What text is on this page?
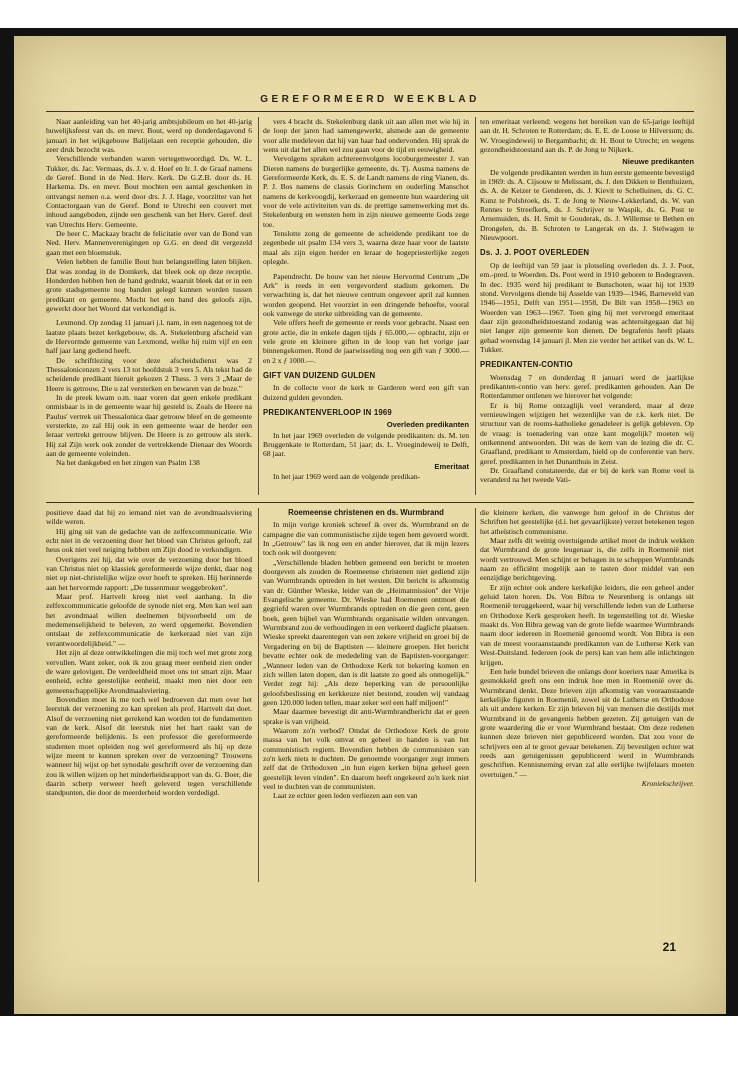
GEREFORMEERD WEEKBLAD

Naar aanleiding van het 40-jarig ambtsjubileum en het 40-jarig huwelijksfeest van ds. en mevr. Bout, werd op donderdagavond 6 januari in het wijkgebouw Balijelaan een receptie gehouden, die zeer druk bezocht was.

Verschillende verbanden waren vertegenwoordigd. Ds. W. L. Tukker, ds. Jac. Vermaas, ds. J. v. d. Hoef en Ir. J. de Graaf namens de Geref. Bond in de Ned. Herv. Kerk. De G.Z.B. door ds. H. Harkema. Ds. en mevr. Bout mochten een aantal geschenken in ontvangst nemen o.a. werd door drs. J. J. Hage, voorzitter van het Contactorgaan van de Geref. Bond te Utrecht een couvert met inhoud aangeboden, zijnde een geschenk van het Herv. Geref. deel van Utrechts Herv. Gemeente.

De heer C. Mackaay bracht de felicitatie over van de Bond van Ned. Herv. Mannenverenigingen op G.G. en deed dit vergezeld gaan met een bloemstuk.

Velen hebben de familie Bout hun belangstelling laten blijken. Dat was zondag in de Domkerk, dat bleek ook op deze receptie. Honderden hebben hen de hand gedrukt, waaruit bleek dat er in een grote stadsgemeente nog banden gelegd kunnen worden tussen predikant en gemeente. Mocht het een band des geloofs zijn, gewerkt door het Woord dat verkondigd is.

Lexmond. Op zondag 11 januari j.l. nam, in een nagenoeg tot de laatste plaats bezet kerkgebouw, ds. A. Stekelenburg afscheid van de Hervormde gemeente van Lexmond, welke hij ruim vijf en een half jaar lang gediend heeft.

De schriftlezing voor deze afscheidsdienst was 2 Thessalonicenzen 2 vers 13 tot hoofdstuk 3 vers 5. Als tekst had de scheidende predikant hieruit gekozen 2 Thess. 3 vers 3 „Maar de Heere is getrouw, Die u zal versterken en bewaren van de boze."

In de preek kwam o.m. naar voren dat geen enkele predikant onmisbaar is in de gemeente waar hij gesteld is. Zoals de Heere na Paulus' vertrek uit Thessalonica daar getrouw bleef en de gemeente versterkte, zo zal Hij ook in een gemeente waar de herder een leraar vertrekt getrouw blijven. De Heere is zo getrouw als sterk. Hij zal Zijn werk ook zonder de vertrekkende Dienaar des Woords aan de gemeente voleinden.

Na het dankgebed en het zingen van Psalm 138

vers 4 bracht ds. Stekelenburg dank uit aan allen met wie hij in de loop der jaren had samengewerkt, alsmede aan de gemeente voor alle medeleven dat hij van haar had ondervonden. Hij sprak de wens uit dat het allen wel zou gaan voor de tijd en eeuwigheid.

Vervolgens spraken achtereenvolgens locoburgemeester J. van Dieren namens de burgerlijke gemeente, ds. Tj. Ausma namens de Gereformeerde Kerk, ds. E. S. de Landt namens de ring Vianen, ds. P. J. Bos namens de classis Gorinchem en ouderling Manschot namens de kerkvoogdij, kerkeraad en gemeente hun waardering uit voor de vele activiteiten van ds. de prettige samenwerking met ds. Stekelenburg en wensten hem in zijn nieuwe gemeente Gods zege toe.

Tenslotte zong de gemeente de scheidende predikant toe de zegenbede uit psalm 134 vers 3, waarna deze haar voor de laatste maal als zijn eigen herder en leraar de hogepriesterlijke zegen oplegde.

Papendrecht. De bouw van het nieuw Hervormd Centrum „De Ark" is reeds in een vergevorderd stadium gekomen. De verwachting is, dat het nieuwe centrum ongeveer april zal kunnen worden geopend. Het voorziet in een dringende behoefte, vooral ook vanwege de sterke uitbreiding van de gemeente.

Vele offers heeft de gemeente er reeds voor gebracht. Naast een grote actie, die in enkele dagen tijds ƒ 65.000,— opbracht, zijn er vele grote en kleinere giften in de loop van het vorige jaar binnengekomen. Rond de jaarwisseling nog een gift van ƒ 3000.— en 2 x ƒ 1000.—.

GIFT VAN DUIZEND GULDEN

In de collecte voor de kerk te Garderen werd een gift van duizend gulden gevonden.

PREDIKANTENVERLOOP IN 1969
Overleden predikanten

In het jaar 1969 overleden de volgende predikanten: ds. M. ten Bruggenkate te Rotterdam, 51 jaar; ds. L. Vroegindeweij te Delft, 68 jaar.

Emeritaat

In het jaar 1969 werd aan de volgende predikan-

ten emeritaat verleend: wegens het bereiken van de 65-jarige leeftijd aan dr. H. Schroten te Rotterdam; ds. E. E. de Loose te Hilversum; ds. W. Vroegindeweij te Bergambacht; dr. H. Bout te Utrecht; en wegens gezondheidstoestand aan ds. P. de Jong te Nijkerk.

Nieuwe predikanten

De volgende predikanten werden in hun eerste gemeente bevestigd in 1969: ds. A. Cijsouw te Melissant, ds. J. den Dikken te Benthuizen, ds. A. de Keizer te Genderen, ds. J. Kievit te Schelluinen, ds. G. C. Kunz te Polsbroek, ds. T. de Jong te Nieuw-Lekkerland, ds. W. van Rennes te Streefkerk, ds. J. Schrijver te Waspik, ds. G. Post te Arnemuiden, ds. H. Smit te Gouderak, ds. J. Willemse te Bethen en Drongelen, ds. B. Schroten te Langerak en ds. J. Stelwagen te Nieuwpoort.

Ds. J. J. POOT OVERLEDEN

Op de leeftijd van 59 jaar is plotseling overleden ds. J. J. Poot, em.-pred. te Woerden. Ds. Poot werd in 1910 geboren te Bodegraven. In dec. 1935 werd hij predikant te Bunschoten, waar hij tot 1939 stond. Vervolgens diende hij Asselde van 1939—1946, Barneveld van 1946—1951, Delft van 1951—1958, De Bilt van 1958—1963 en Woerden van 1963—1967. Toen ging hij met vervroegd emeritaat daar zijn gezondheidstoestand zodanig was achteruitgegaan dat hij niet langer zijn gemeente kon dienen. De begrafenis heeft plaats gehad woensdag 14 januari jl. Men zie verder het artikel van ds. W. L. Tukker.

PREDIKANTEN-CONTIO

Woensdag 7 en donderdag 8 januari werd de jaarlijkse predikanten-contio van herv. geref. predikanten gehouden. Aan De Rotterdammer ontlenen we hierover het volgende:

Er is bij Rome ontzaglijk veel veranderd, maar al deze vernieuwingen wijzigen het wezenlijke van de r.k. kerk niet. De structuur van de rooms-katholieke genadeleer is gelijk gebleven. Op de vraag: is toenadering van onze kant mogelijk? moeten wij ontkennend antwoorden. Dit was de kern van de lezing die dr. C. Graafland, predikant te Amsterdam, hield op de conferentie van herv. geref. predikanten in het Dunanthuis in Zeist.

Dr. Graafland constateerde, dat er bij de kerk van Rome veel is veranderd na het tweede Vati-

positieve daad dat hij zo iemand niet van de avondmaalsviering wilde weren.

Hij ging uit van de gedachte van de zelfexcommunicatie. Wie echt niet in de verzoening door het bloed van Christus gelooft, zal heus ook niet veel neiging hebben om Zijn dood te verkondigen.

Overigens zei hij, dat wie over de verzoening door het bloed van Christus niet op klassiek gereformeerde wijze denkt, daar nog niet op niet-christelijke wijze over hoeft te spreken. Hij herinnerde aan het hervormde rapport: „De tussenmuur weggebroken".

Maar prof. Hartvelt kreeg niet veel aanhang. In die zelfexcommunicatie geloofde de synode niet erg. Men kan wel aan het avondmaal willen deelnemen bijvoorbeeld om de medemenselijkheid te beleven, zo werd opgemerkt. Bovendien ontslaat de zelfexcommunicatie de kerkeraad niet van zijn verantwoordelijkheid." —

Het zijn al deze ontwikkelingen die mij toch wel met grote zorg vervullen. Want zeker, ook ik zou graag meer eenheid zien onder de ware gelovigen. De verdeeldheid moet ons tot smart zijn. Maar eenheid, echte geestelijke eenheid, maakt men niet door een gemeenschappelijke Avondmaalsviering.

Bovendien moet ik me toch wel bedroeven dat men over het leerstuk der verzoening zo kan spreken als prof. Hartvelt dat doet. Alsof de verzoening niet gerekend kan worden tot de fundamenten van de kerk. Alsof dit leerstuk niet het hart raakt van de gereformeerde belijdenis. Is een professor die gereformeerde studenten moet opleiden nog wel gereformeerd als hij op deze wijze meent te kunnen spreken over de verzoening? Trouwens wanneer hij wijst op het synodale geschrift over de verzoening dan zou ik willen wijzen op het minderheidsrapport van ds. G. Boer, die daarin scherp verweer heeft geleverd tegen verschillende standpunten, die door de meerderheid worden verdedigd.

Roemeense christenen en ds. Wurmbrand

In mijn vorige kroniek schreef ik over ds. Wurmbrand en de campagne die van communistische zijde tegen hem gevoerd wordt. In „Getrouw" las ik nog een en ander hierover, dat ik mijn lezers toch ook wil doorgeven:

„Verschillende bladen hebben gemeend een bericht te moeten doorgeven als zouden de Roemeense christenen niet gediend zijn van Wurmbrands optreden in het westen. Dit bericht is afkomstig van dr. Günther Wieske, leider van de „Heimatmission" der Vrije Evangelische gemeente. Dr. Wieske had Roemenen ontmoet die gegriefd waren over Wurmbrands optreden en die geen cent, geen boek, geen bijbel van Wurmbrands organisatie wilden ontvangen. Wurmbrand zou de verhoudingen in een verkeerd daglicht plaatsen. Wieske spreekt daarentegen van een zekere vrijheid en groei bij de Vergadering en bij de Baptisten — kleinere groepen. Het bericht bevatte echter ook de mededeling van de Baptisten-voorganger: „Wanneer leden van de Orthodoxe Kerk tot bekering komen en zich willen laten dopen, dan is dit laatste zo goed als onmogelijk." Verder zegt hij: „Als deze beperking van de persoonlijke geloofsbeslissing en kerkkeuze niet bestond, zouden wij vandaag geen 120.000 leden tellen, maar zeker wel een half miljoen!"

Maar daarmee bevestigt dit anti-Wurmbrandbericht dat er geen sprake is van vrijheid.

Waarom zo'n verbod? Omdat de Orthodoxe Kerk de grote massa van het volk omvat en geheel in handen is van het communistisch regiem. Bovendien hebben de communisten van zo'n kerk niets te duchten. De genoemde voorganger zegt immers zelf dat de Orthodoxen „in hun eigen kerken bijna geheel geen geestelijk leven vinden". En daarom heeft ongekeerd zo'n kerk niet veel te duchten van de communisten.

Laat ze echter geen leden verliezen aan een van

die kleinere kerken, die vanwege hun geloof in de Christus der Schriften het geestelijke (d.i. het gevaarlijkste) verzet betekenen tegen het atheïstisch communisme.

Maar zelfs dit weinig overtuigende artikel moet de indruk wekken dat Wurmbrand de grote leugenaar is, die zelfs in Roemenië niet wordt vertrouwd. Men schijnt er behagen in te scheppen Wurmbrands naam zo efficiënt mogelijk aan te tasten door middel van een eenzijdige berichtgeving.

Er zijn echter ook andere kerkelijke leiders, die een geheel ander geluid laten horen. Ds. Von Bibra te Neurenberg is onlangs uit Roemenië teruggekeerd, waar hij verschillende leden van de Lutherse en Orthodoxe Kerk gesproken heeft. In tegenstelling tot dr. Wieske maakt ds. Von Bibra gewag van de grote liefde waarmee Wurmbrands naam door iedereen in Roemenië genoemd wordt. Von Bibra is een van de meest vooraanstaande predikanten van de Lutherse Kerk van West-Duitsland. Iedereen (ook de pers) kan van hem alle inlichtingen krijgen.

Een hele bundel brieven die onlangs door koeriers naar Amerika is gesmokkeld geeft ons een indruk hoe men in Roemenië over ds. Wurmbrand denkt. Deze brieven zijn afkomstig van vooraanstaande kerkelijke figuren in Roemenië, zowel uit de Lutherse en Orthodoxe als uit andere kerken. Er zijn brieven bij van mensen die destijds met Wurmbrand in de gevangenis hebben gezeten. Zij getuigen van de grote waardering die er voor Wurmbrand bestaat. Om deze redenen kunnen deze brieven niet gepubliceerd worden. Dat zou voor de schrijvers een al te groot gevaar betekenen. Zij bevestigen echter wat reeds aan getuigenissen gepubliceerd werd in Wurmbrands geschriften. Kennisneming ervan zal alle eerlijke twijfelaars moeten overtuigen." —

Kroniekschrijver.
21
